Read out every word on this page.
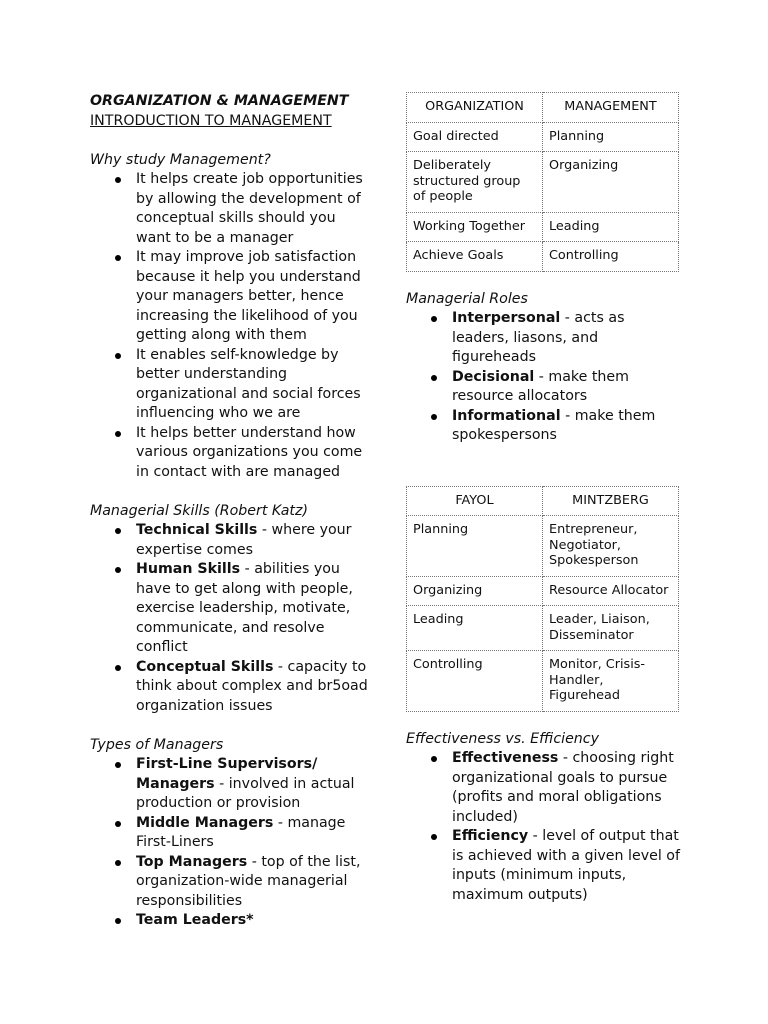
ORGANIZATION & MANAGEMENT

INTRODUCTION TO MANAGEMENT

Why study Management?

It helps create job opportunities by allowing the development of conceptual skills should you want to be a manager
It may improve job satisfaction because it help you understand your managers better, hence increasing the likelihood of you getting along with them
It enables self-knowledge by better understanding organizational and social forces influencing who we are
It helps better understand how various organizations you come in contact with are managed

Managerial Skills (Robert Katz)

Technical Skills - where your expertise comes
Human Skills - abilities you have to get along with people, exercise leadership, motivate, communicate, and resolve conflict
Conceptual Skills - capacity to think about complex and br5oad organization issues

Types of Managers

First-Line Supervisors/ Managers - involved in actual production or provision
Middle Managers - manage First-Liners
Top Managers - top of the list, organization-wide managerial responsibilities
Team Leaders*
ORGANIZATION	MANAGEMENT
Goal directed	Planning
Deliberately structured group of people	Organizing
Working Together	Leading
Achieve Goals	Controlling

Managerial Roles

Interpersonal - acts as leaders, liasons, and figureheads
Decisional - make them resource allocators
Informational - make them spokespersons
FAYOL	MINTZBERG
Planning	Entrepreneur, Negotiator, Spokesperson
Organizing	Resource Allocator
Leading	Leader, Liaison, Disseminator
Controlling	Monitor, Crisis-Handler, Figurehead

Effectiveness vs. Efficiency

Effectiveness - choosing right organizational goals to pursue (profits and moral obligations included)
Efficiency - level of output that is achieved with a given level of inputs (minimum inputs, maximum outputs)
